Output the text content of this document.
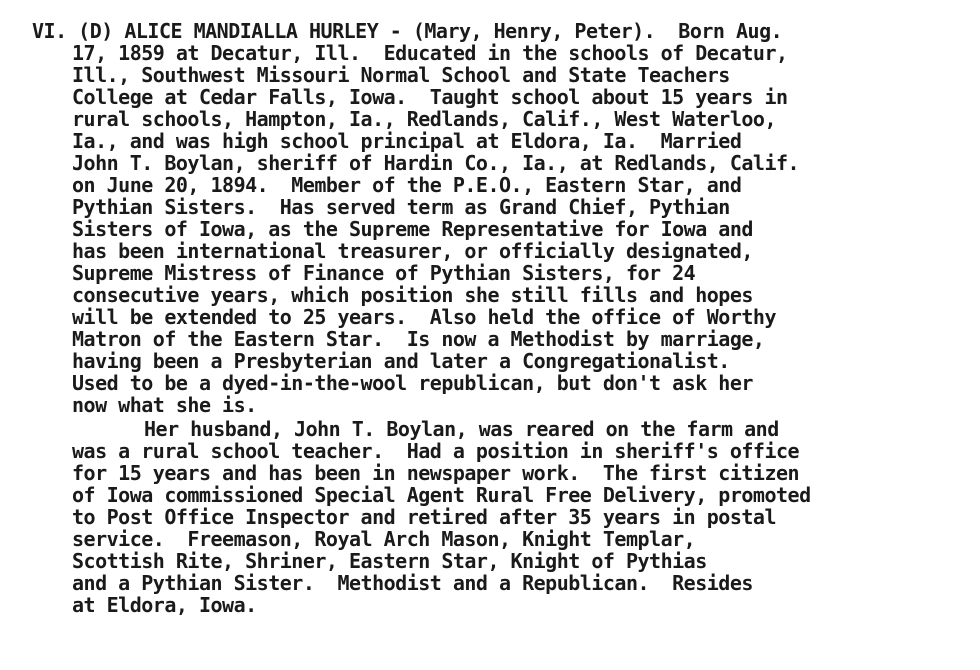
VI. (D) ALICE MANDIALLA HURLEY - (Mary, Henry, Peter).  Born Aug.

17, 1859 at Decatur, Ill.  Educated in the schools of Decatur,

Ill., Southwest Missouri Normal School and State Teachers

College at Cedar Falls, Iowa.  Taught school about 15 years in

rural schools, Hampton, Ia., Redlands, Calif., West Waterloo,

Ia., and was high school principal at Eldora, Ia.  Married

John T. Boylan, sheriff of Hardin Co., Ia., at Redlands, Calif.

on June 20, 1894.  Member of the P.E.O., Eastern Star, and

Pythian Sisters.  Has served term as Grand Chief, Pythian

Sisters of Iowa, as the Supreme Representative for Iowa and

has been international treasurer, or officially designated,

Supreme Mistress of Finance of Pythian Sisters, for 24

consecutive years, which position she still fills and hopes

will be extended to 25 years.  Also held the office of Worthy

Matron of the Eastern Star.  Is now a Methodist by marriage,

having been a Presbyterian and later a Congregationalist.

Used to be a dyed-in-the-wool republican, but don't ask her

now what she is.

Her husband, John T. Boylan, was reared on the farm and

was a rural school teacher.  Had a position in sheriff's office

for 15 years and has been in newspaper work.  The first citizen

of Iowa commissioned Special Agent Rural Free Delivery, promoted

to Post Office Inspector and retired after 35 years in postal

service.  Freemason, Royal Arch Mason, Knight Templar,

Scottish Rite, Shriner, Eastern Star, Knight of Pythias

and a Pythian Sister.  Methodist and a Republican.  Resides

at Eldora, Iowa.
